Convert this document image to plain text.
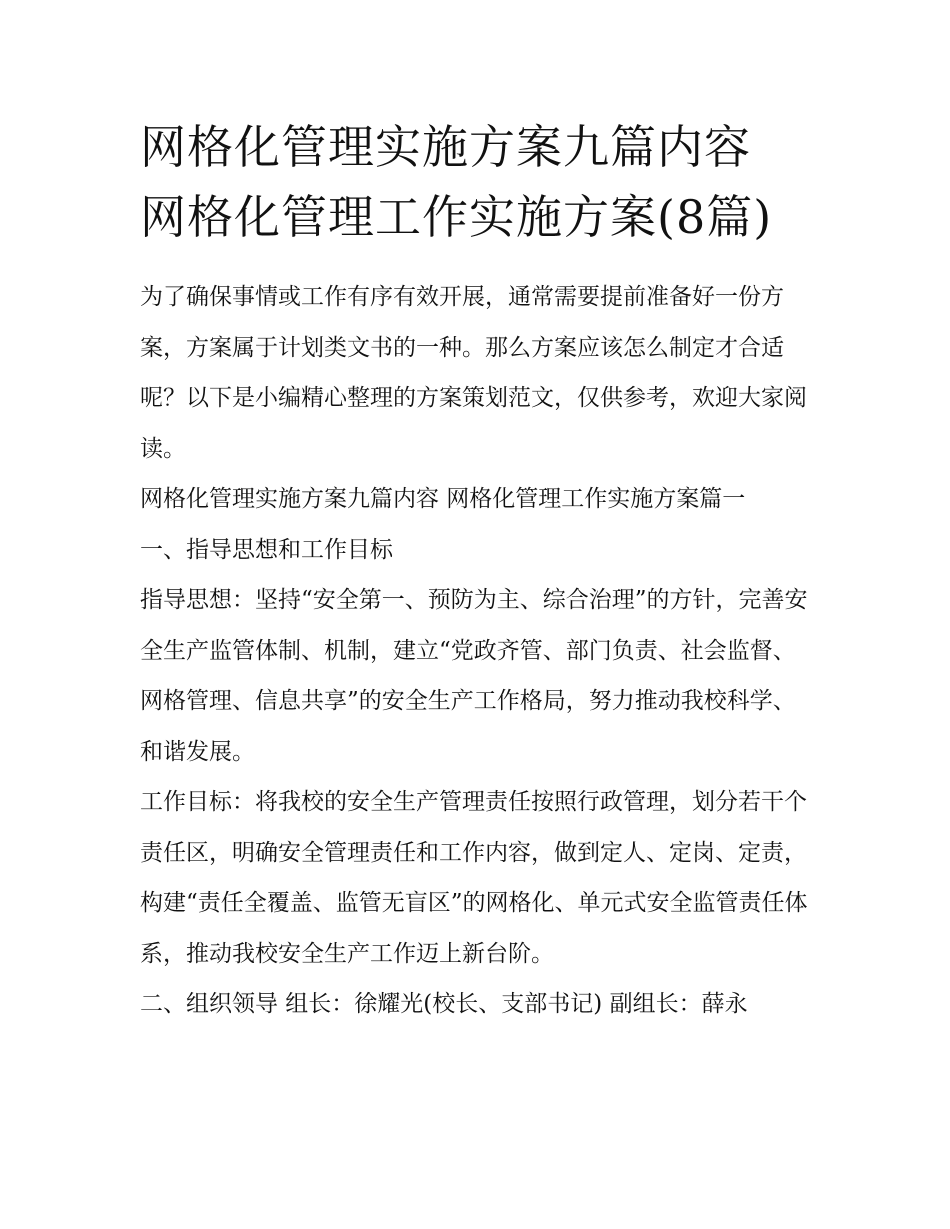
网格化管理实施方案九篇内容 网格化管理工作实施方案(8篇)

为了确保事情或工作有序有效开展，通常需要提前准备好一份方案，方案属于计划类文书的一种。那么方案应该怎么制定才合适呢？以下是小编精心整理的方案策划范文，仅供参考，欢迎大家阅读。

网格化管理实施方案九篇内容 网格化管理工作实施方案篇一

一、指导思想和工作目标

指导思想：坚持“安全第一、预防为主、综合治理”的方针，完善安全生产监管体制、机制，建立“党政齐管、部门负责、社会监督、网格管理、信息共享”的安全生产工作格局，努力推动我校科学、和谐发展。

工作目标：将我校的安全生产管理责任按照行政管理，划分若干个责任区，明确安全管理责任和工作内容，做到定人、定岗、定责，构建“责任全覆盖、监管无盲区”的网格化、单元式安全监管责任体系，推动我校安全生产工作迈上新台阶。

二、组织领导 组长：徐耀光(校长、支部书记) 副组长：薛永
